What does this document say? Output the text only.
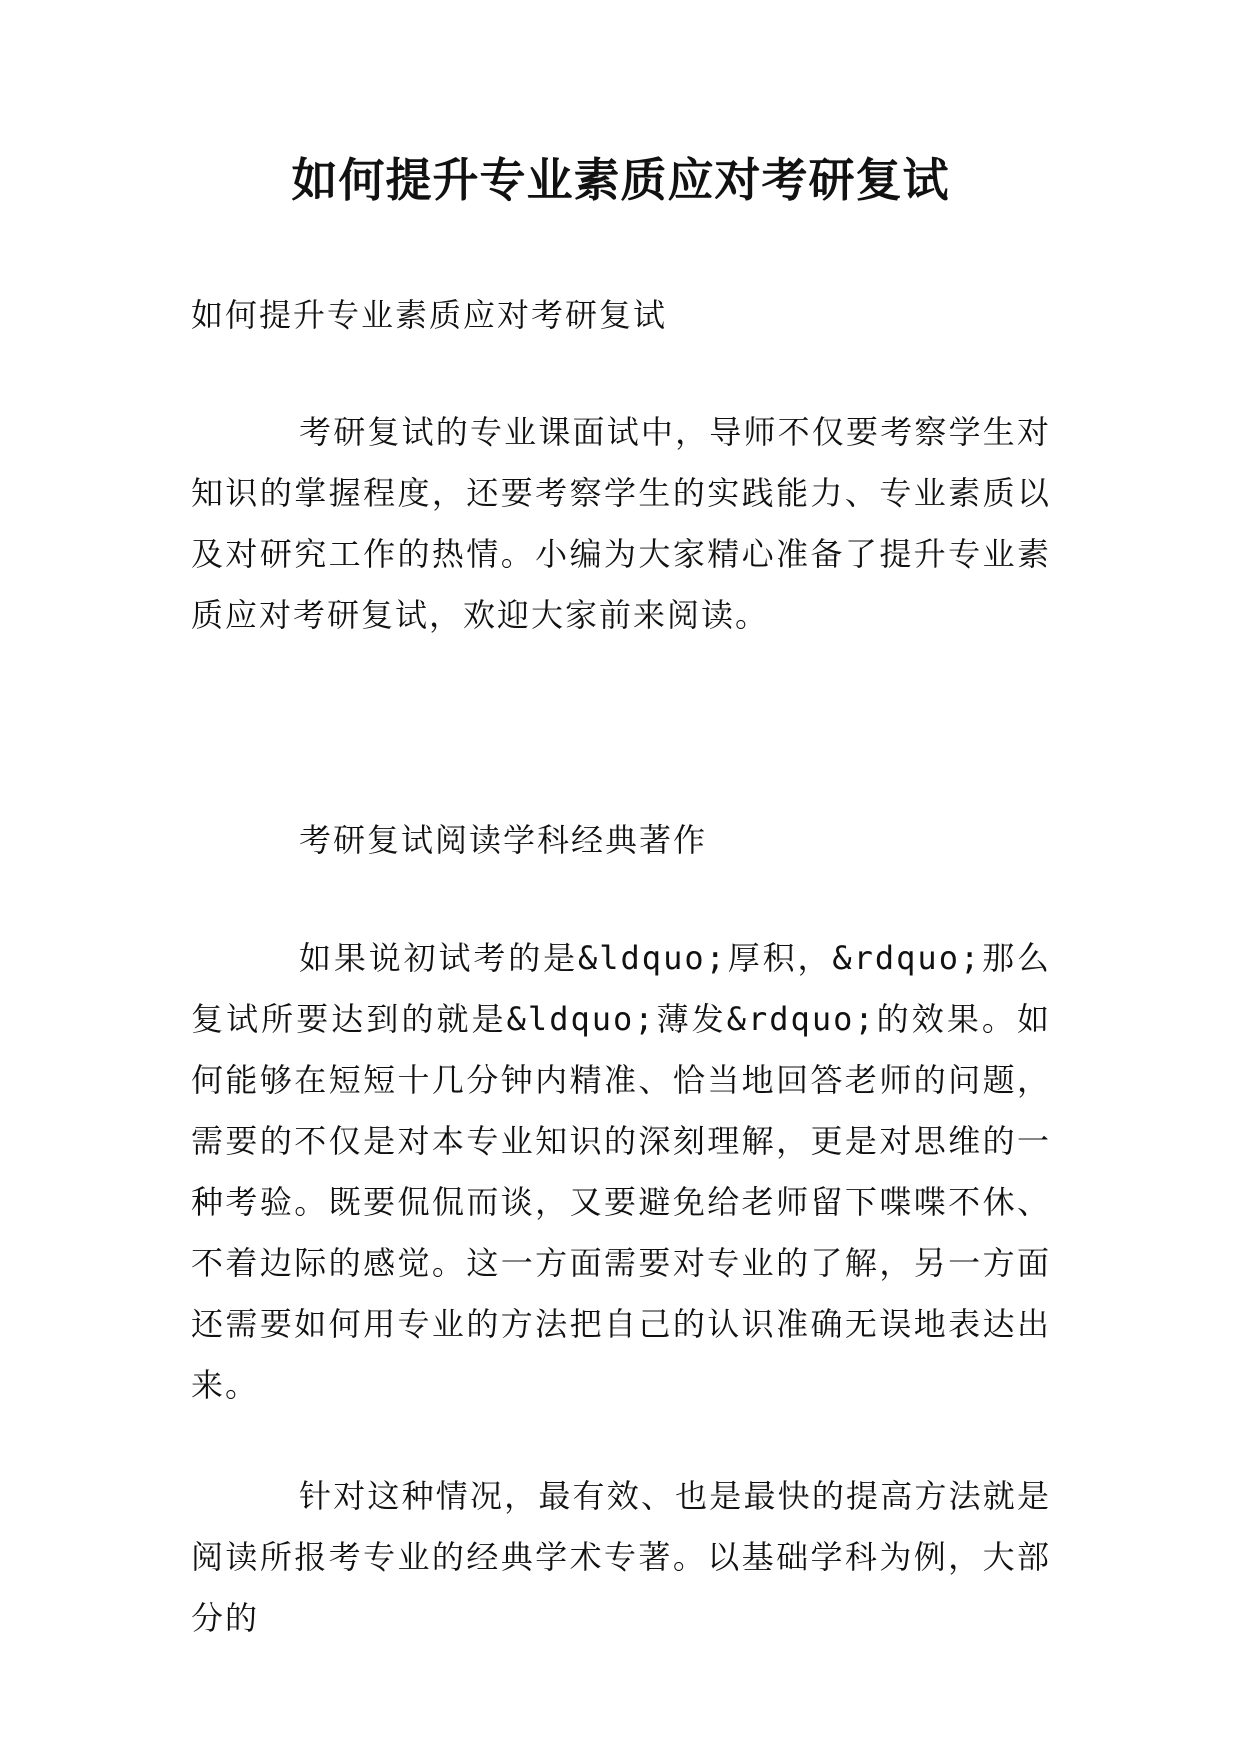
如何提升专业素质应对考研复试

如何提升专业素质应对考研复试

考研复试的专业课面试中，导师不仅要考察学生对知识的掌握程度，还要考察学生的实践能力、专业素质以及对研究工作的热情。小编为大家精心准备了提升专业素质应对考研复试，欢迎大家前来阅读。

考研复试阅读学科经典著作

如果说初试考的是&ldquo;厚积，&rdquo;那么复试所要达到的就是&ldquo;薄发&rdquo;的效果。如何能够在短短十几分钟内精准、恰当地回答老师的问题，需要的不仅是对本专业知识的深刻理解，更是对思维的一种考验。既要侃侃而谈，又要避免给老师留下喋喋不休、不着边际的感觉。这一方面需要对专业的了解，另一方面还需要如何用专业的方法把自己的认识准确无误地表达出来。

针对这种情况，最有效、也是最快的提高方法就是阅读所报考专业的经典学术专著。以基础学科为例，大部分的
